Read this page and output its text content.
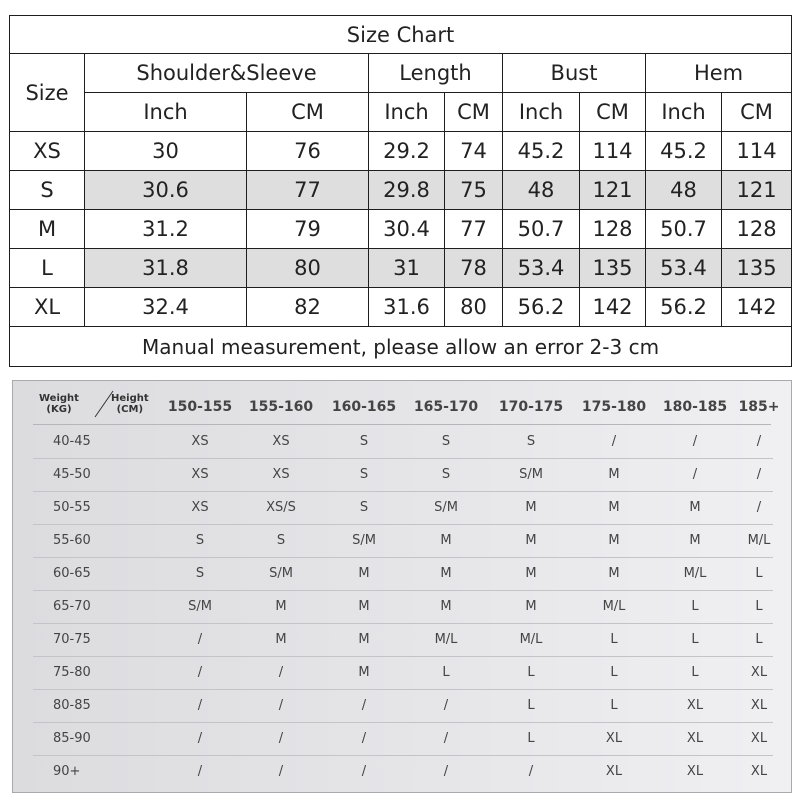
Size Chart								
Size	Shoulder&Sleeve		Length		Bust		Hem	
	Inch	CM	Inch	CM	Inch	CM	Inch	CM
XS	30	76	29.2	74	45.2	114	45.2	114
S	30.6	77	29.8	75	48	121	48	121
M	31.2	79	30.4	77	50.7	128	50.7	128
L	31.8	80	31	78	53.4	135	53.4	135
XL	32.4	82	31.6	80	56.2	142	56.2	142
Manual measurement, please allow an error 2-3 cm								
Weight
(KG)
Height
(CM)	150-155 155-160 160-165 165-170 170-175 175-180 180-185 185+
40-45	XS	XS	S	S	S	/	/	/
45-50	XS	XS	S	S	S/M	M	/	/
50-55	XS	XS/S	S	S/M	M	M	M	/
55-60	S	S	S/M	M	M	M	M	M/L
60-65	S	S/M	M	M	M	M	M/L	L
65-70	S/M	M	M	M	M	M/L	L	L
70-75	/	M	M	M/L	M/L	L	L	L
75-80	/	/	M	L	L	L	L	XL
80-85	/	/	/	/	L	L	XL	XL
85-90	/	/	/	/	L	XL	XL	XL
90+	/	/	/	/	/	XL	XL	XL
